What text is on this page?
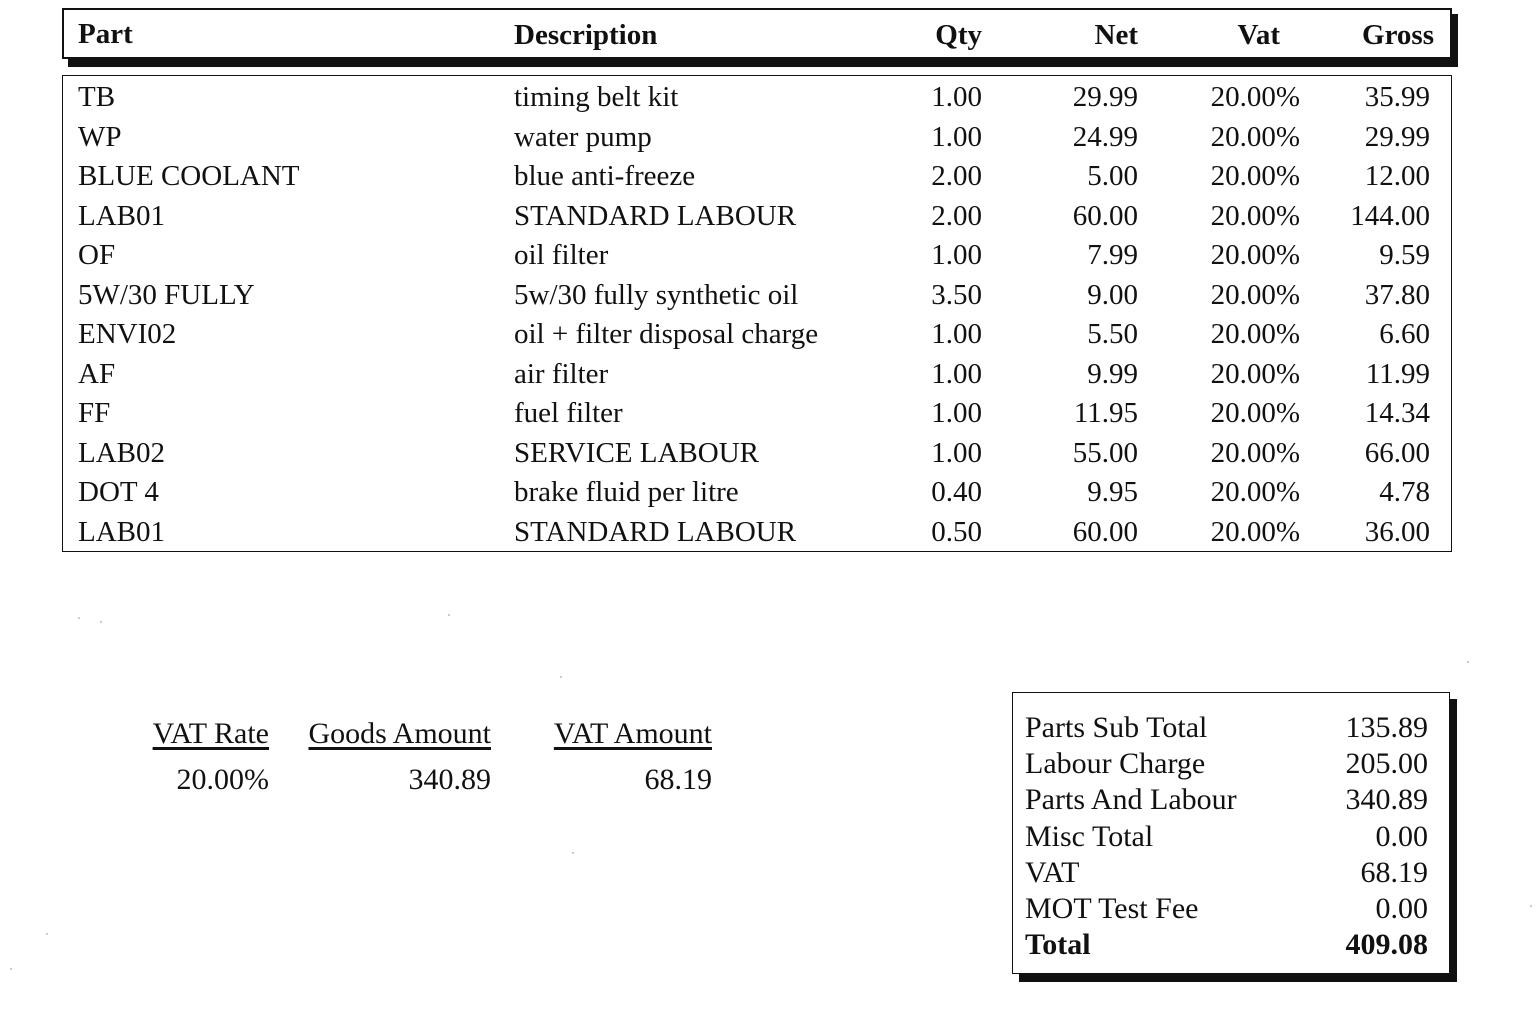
Part	Description	Qty	Net	Vat	Gross
TB	timing belt kit	1.00	29.99	20.00%	35.99
WP	water pump	1.00	24.99	20.00%	29.99
BLUE COOLANT	blue anti-freeze	2.00	5.00	20.00%	12.00
LAB01	STANDARD LABOUR	2.00	60.00	20.00%	144.00
OF	oil filter	1.00	7.99	20.00%	9.59
5W/30 FULLY	5w/30 fully synthetic oil	3.50	9.00	20.00%	37.80
ENVI02	oil + filter disposal charge	1.00	5.50	20.00%	6.60
AF	air filter	1.00	9.99	20.00%	11.99
FF	fuel filter	1.00	11.95	20.00%	14.34
LAB02	SERVICE LABOUR	1.00	55.00	20.00%	66.00
DOT 4	brake fluid per litre	0.40	9.95	20.00%	4.78
LAB01	STANDARD LABOUR	0.50	60.00	20.00%	36.00
VAT Rate	Goods Amount	VAT Amount
20.00%	340.89	68.19
Parts Sub Total	135.89
Labour Charge	205.00
Parts And Labour	340.89
Misc Total	0.00
VAT	68.19
MOT Test Fee	0.00
Total	409.08
